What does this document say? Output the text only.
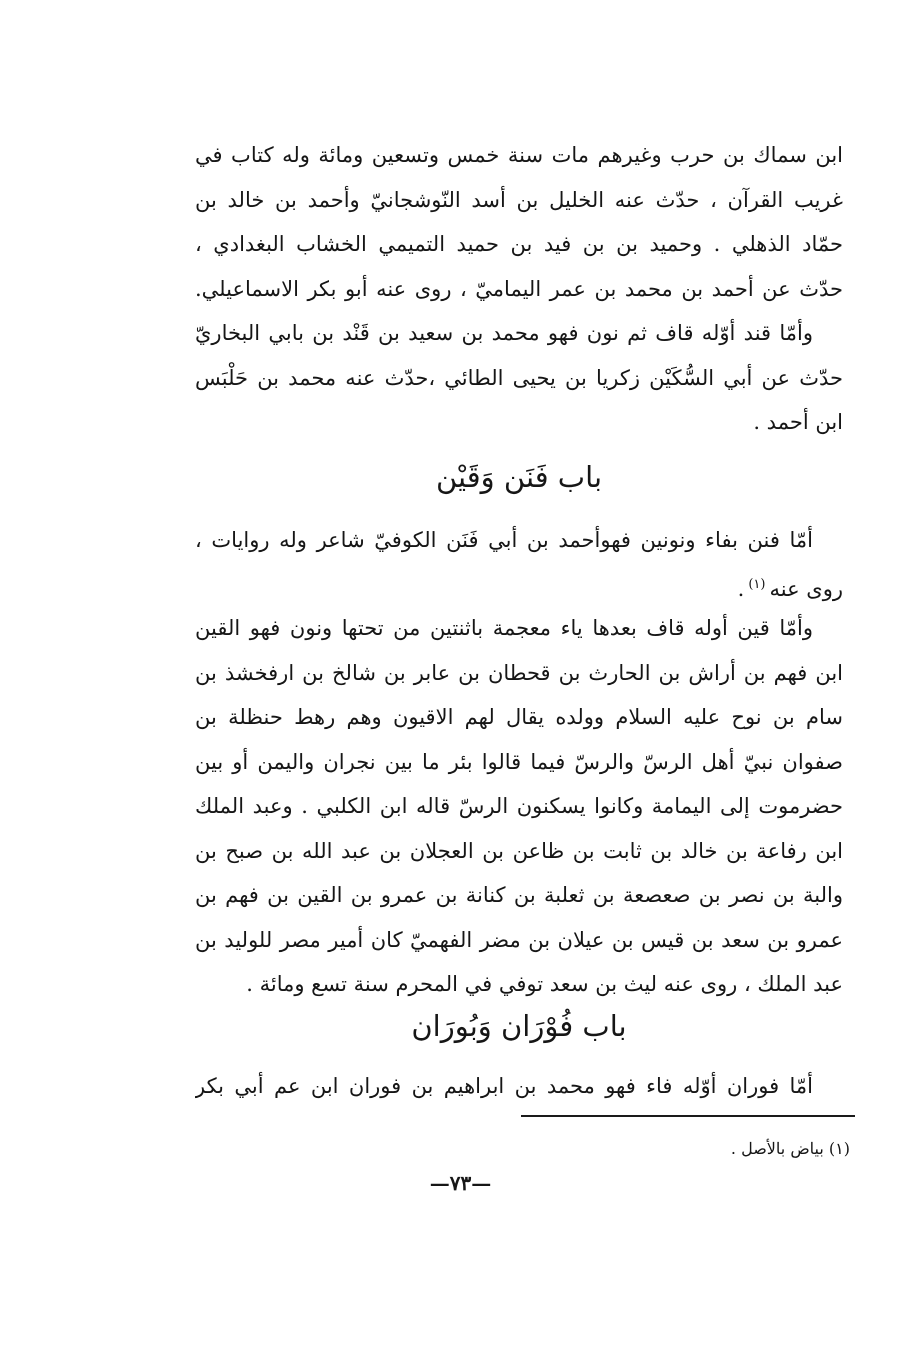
ابن سماك بن حرب وغيرهم مات سنة خمس وتسعين ومائة وله كتاب في
غريب القرآن ، حدّث عنه الخليل بن أسد النّوشجانيّ وأحمد بن خالد بن
حمّاد الذهلي . وحميد بن بن فيد بن حميد التميمي الخشاب البغدادي ،
حدّث عن أحمد بن محمد بن عمر اليماميّ ، روى عنه أبو بكر الاسماعيلي.
وأمّا قند أوّله قاف ثم نون فهو محمد بن سعيد بن قَنْد بن بابي البخاريّ
حدّث عن أبي السُّكَيْن زكريا بن يحيى الطائي ،حدّث عنه محمد بن حَلْبَس
ابن أحمد .
باب فَنَن وَقَيْن
أمّا فنن بفاء ونونين فهوأحمد بن أبي فَنَن الكوفيّ شاعر وله روايات ،
روى عنه$^{(١)}$.
وأمّا قين أوله قاف بعدها ياء معجمة باثنتين من تحتها ونون فهو القين
ابن فهم بن أراش بن الحارث بن قحطان بن عابر بن شالخ بن ارفخشذ بن
سام بن نوح عليه السلام وولده يقال لهم الاقيون وهم رهط حنظلة بن
صفوان نبيّ أهل الرسّ والرسّ فيما قالوا بئر ما بين نجران واليمن أو بين
حضرموت إلى اليمامة وكانوا يسكنون الرسّ قاله ابن الكلبي . وعبد الملك
ابن رفاعة بن خالد بن ثابت بن ظاعن بن العجلان بن عبد الله بن صبح بن
والبة بن نصر بن صعصعة بن ثعلبة بن كنانة بن عمرو بن القين بن فهم بن
عمرو بن سعد بن قيس بن عيلان بن مضر الفهميّ كان أمير مصر للوليد بن
عبد الملك ، روى عنه ليث بن سعد توفي في المحرم سنة تسع ومائة .
باب فُوْرَان وَبُورَان
أمّا فوران أوّله فاء فهو محمد بن ابراهيم بن فوران ابن عم أبي بكر
(١) بياض بالأصل .
—٧٣—
